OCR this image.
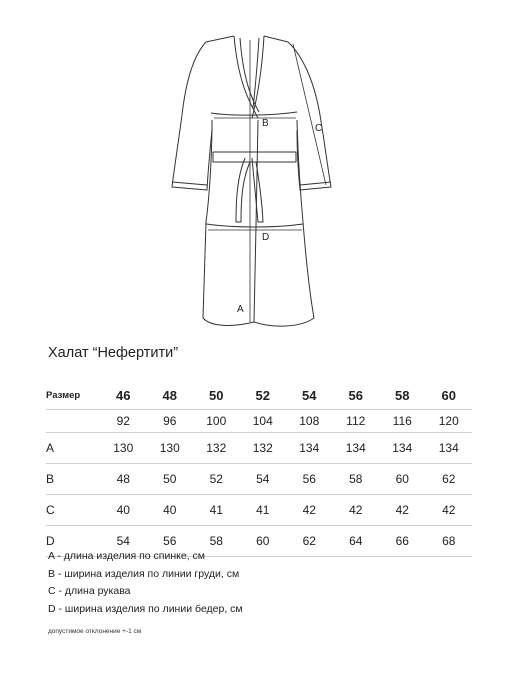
A
B	C
D
Халат “Нефертити”
Размер	46	48	50	52	54	56	58	60
	92	96	100	104	108	112	116	120
A	130	130	132	132	134	134	134	134
B	48	50	52	54	56	58	60	62
C	40	40	41	41	42	42	42	42
D	54	56	58	60	62	64	66	68
A - длина изделия по спинке, см
B - ширина изделия по линии груди, см
C - длина рукава
D - ширина изделия по линии бедер, см
допустимое отклонение +-1 см
